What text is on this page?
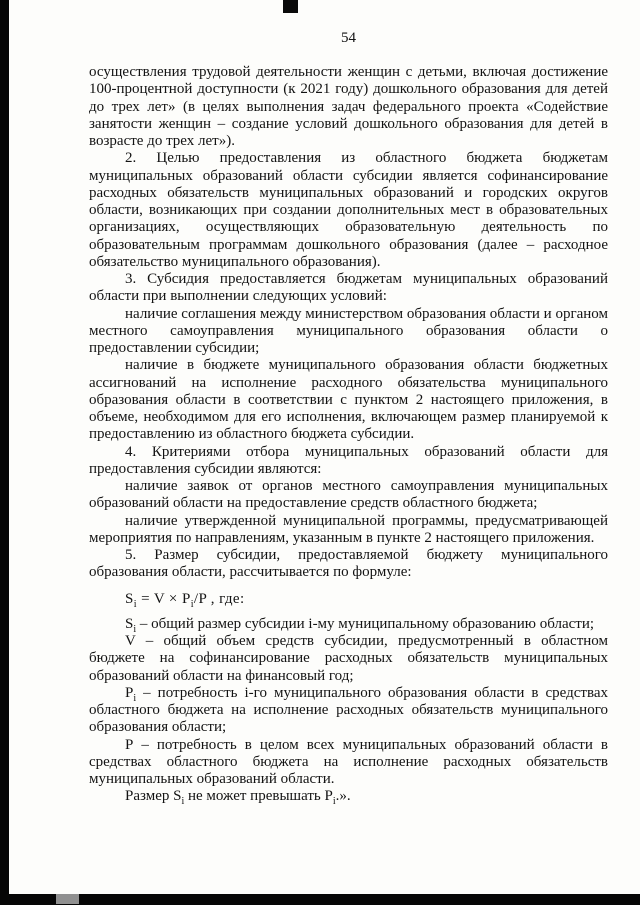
54

осуществления трудовой деятельности женщин с детьми, включая достижение 100-процентной доступности (к 2021 году) дошкольного образования для детей до трех лет» (в целях выполнения задач федерального проекта «Содействие занятости женщин – создание условий дошкольного образования для детей в возрасте до трех лет»).

2. Целью предоставления из областного бюджета бюджетам муниципальных образований области субсидии является софинансирование расходных обязательств муниципальных образований и городских округов области, возникающих при создании дополнительных мест в образовательных организациях, осуществляющих образовательную деятельность по образовательным программам дошкольного образования (далее – расходное обязательство муниципального образования).

3. Субсидия предоставляется бюджетам муниципальных образований области при выполнении следующих условий:

наличие соглашения между министерством образования области и органом местного самоуправления муниципального образования области о предоставлении субсидии;

наличие в бюджете муниципального образования области бюджетных ассигнований на исполнение расходного обязательства муниципального образования области в соответствии с пунктом 2 настоящего приложения, в объеме, необходимом для его исполнения, включающем размер планируемой к предоставлению из областного бюджета субсидии.

4. Критериями отбора муниципальных образований области для предоставления субсидии являются:

наличие заявок от органов местного самоуправления муниципальных образований области на предоставление средств областного бюджета;

наличие утвержденной муниципальной программы, предусматривающей мероприятия по направлениям, указанным в пункте 2 настоящего приложения.

5. Размер субсидии, предоставляемой бюджету муниципального образования области, рассчитывается по формуле:

$S_i = V \times P_i/P$ , где:

$S_i$ – общий размер субсидии i-му муниципальному образованию области;

V – общий объем средств субсидии, предусмотренный в областном бюджете на софинансирование расходных обязательств муниципальных образований области на финансовый год;

$P_i$ – потребность i-го муниципального образования области в средствах областного бюджета на исполнение расходных обязательств муниципального образования области;

Р – потребность в целом всех муниципальных образований области в средствах областного бюджета на исполнение расходных обязательств муниципальных образований области.

Размер $S_i$ не может превышать $P_i$.».
